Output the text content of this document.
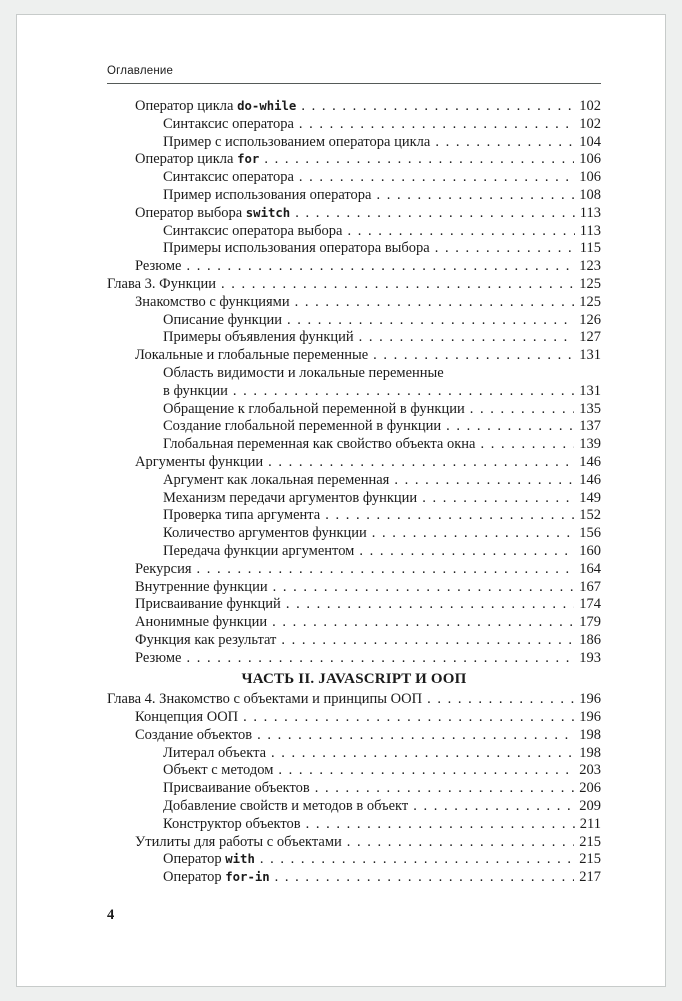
Оглавление
Оператор цикла do-while . . .	102
Синтаксис оператора . . .	102
Пример с использованием оператора цикла . . .	104
Оператор цикла for . . .	106
Синтаксис оператора . . .	106
Пример использования оператора . . .	108
Оператор выбора switch . . .	113
Синтаксис оператора выбора . . .	113
Примеры использования оператора выбора . . .	115
Резюме . . .	123
Глава 3. Функции . . .	125
Знакомство с функциями . . .	125
Описание функции . . .	126
Примеры объявления функций . . .	127
Локальные и глобальные переменные . . .	131
Область видимости и локальные переменные
в функции . . .	131
Обращение к глобальной переменной в функции . . .	135
Создание глобальной переменной в функции . . .	137
Глобальная переменная как свойство объекта окна . . .	139
Аргументы функции . . .	146
Аргумент как локальная переменная . . .	146
Механизм передачи аргументов функции . . .	149
Проверка типа аргумента . . .	152
Количество аргументов функции . . .	156
Передача функции аргументом . . .	160
Рекурсия . . .	164
Внутренние функции . . .	167
Присваивание функций . . .	174
Анонимные функции . . .	179
Функция как результат . . .	186
Резюме . . .	193
ЧАСТЬ II. JAVASCRIPT И ООП
Глава 4. Знакомство с объектами и принципы ООП . . .	196
Концепция ООП . . .	196
Создание объектов . . .	198
Литерал объекта . . .	198
Объект с методом . . .	203
Присваивание объектов . . .	206
Добавление свойств и методов в объект . . .	209
Конструктор объектов . . .	211
Утилиты для работы с объектами . . .	215
Оператор with . . .	215
Оператор for-in . . .	217
4
